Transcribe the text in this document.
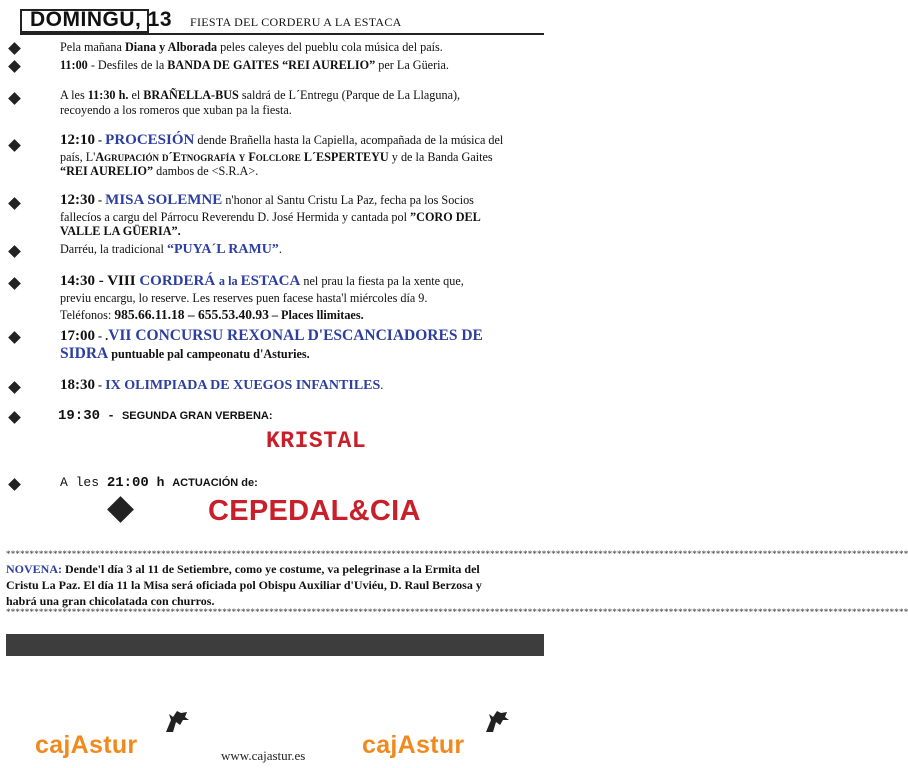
DOMINGU, 13 FIESTA DEL CORDERU A LA ESTACA
Pela mañana Diana y Alborada peles caleyes del pueblu cola música del país.
11:00 - Desfiles de la BANDA DE GAITES “REI AURELIO” per La Güeria.
A les 11:30 h. el BRAÑELLA-BUS saldrá de L´Entregu (Parque de La Llaguna),
recoyendo a los romeros que xuban pa la fiesta.
12:10 - PROCESIÓN dende Brañella hasta la Capiella, acompañada de la música del
país, L'Agrupación d´Etnografía y Folclore L´ESPERTEYU y de la Banda Gaites
“REI AURELIO” dambos de <S.R.A>.
12:30 - MISA SOLEMNE n'honor al Santu Cristu La Paz, fecha pa los Socios
fallecíos a cargu del Párrocu Reverendu D. José Hermida y cantada pol ”CORO DEL
VALLE LA GÜERIA”.
Darréu, la tradicional “PUYA´L RAMU”.
14:30 - VIII CORDERÁ a la ESTACA nel prau la fiesta pa la xente que,
previu encargu, lo reserve. Les reserves puen facese hasta'l miércoles día 9.
Teléfonos: 985.66.11.18 – 655.53.40.93 – Places llimitaes.
17:00 - .VII CONCURSU REXONAL D'ESCANCIADORES DE
SIDRA puntuable pal campeonatu d'Asturies.
18:30 - IX OLIMPIADA DE XUEGOS INFANTILES.
19:30 - SEGUNDA GRAN VERBENA:
KRISTAL
A les 21:00 h ACTUACIÓN de:
CEPEDAL&CIA
************************************************************************************************************************************************************************************************
NOVENA: Dende'l día 3 al 11 de Setiembre, como ye costume, va pelegrinase a la Ermita del
Cristu La Paz. El día 11 la Misa será oficiada pol Obispu Auxiliar d'Uviéu, D. Raul Berzosa y
habrá una gran chicolatada con churros.
************************************************************************************************************************************************************************************************
cajAstur	www.cajastur.es cajAstur
